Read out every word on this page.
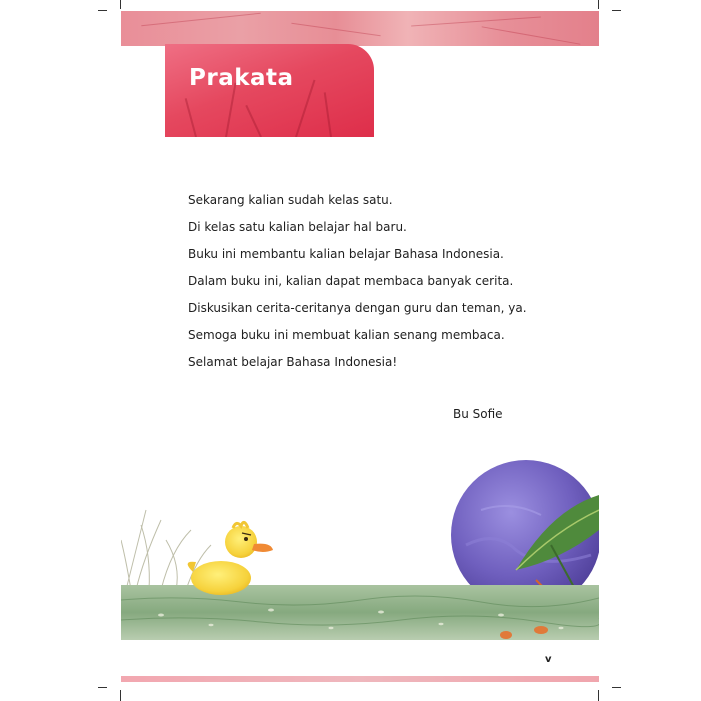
Prakata
Sekarang kalian sudah kelas satu.
Di kelas satu kalian belajar hal baru.
Buku ini membantu kalian belajar Bahasa Indonesia.
Dalam buku ini, kalian dapat membaca banyak cerita.
Diskusikan cerita-ceritanya dengan guru dan teman, ya.
Semoga buku ini membuat kalian senang membaca.
Selamat belajar Bahasa Indonesia!
Bu Sofie
v
